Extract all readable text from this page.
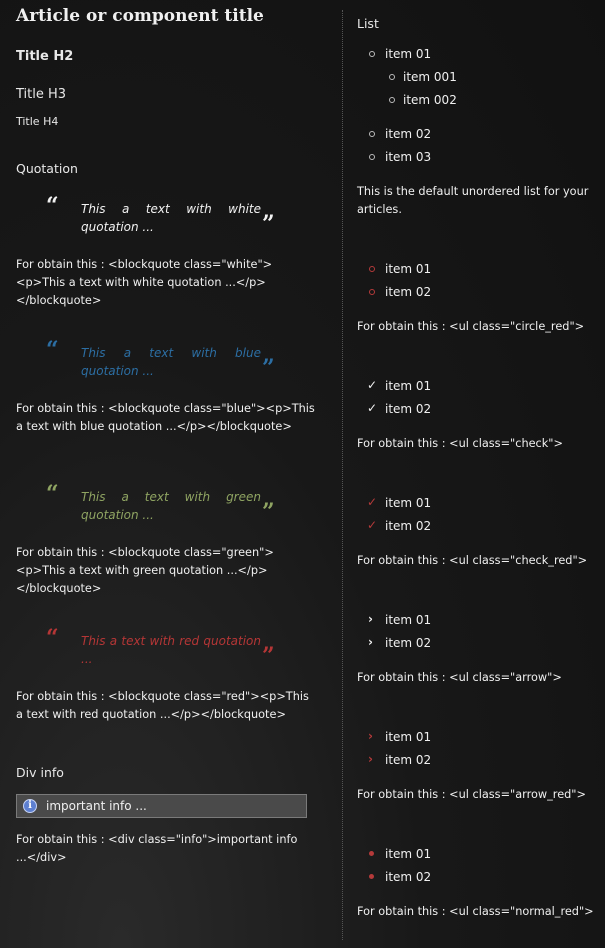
Article or component title
Title H2
Title H3
Title H4
Quotation
“ This a text with white quotation ...	”
For obtain this : <blockquote class="white"><p>This a text with white quotation ...</p></blockquote>
“ This a text with blue quotation ...	”
For obtain this : <blockquote class="blue"><p>This a text with blue quotation ...</p></blockquote>
“ This a text with green quotation ...	”
For obtain this : <blockquote class="green"><p>This a text with green quotation ...</p></blockquote>
“ This a text with red quotation ...	”
For obtain this : <blockquote class="red"><p>This a text with red quotation ...</p></blockquote>
Div info
i	important info ...
For obtain this : <div class="info">important info ...</div>
List
item 01
item 001
item 002
item 02
item 03
This is the default unordered list for your articles.
item 01
item 02
For obtain this : <ul class="circle_red">
✓ item 01
✓ item 02
For obtain this : <ul class="check">
✓ item 01
✓ item 02
For obtain this : <ul class="check_red">
› item 01
› item 02
For obtain this : <ul class="arrow">
› item 01
› item 02
For obtain this : <ul class="arrow_red">
item 01
item 02
For obtain this : <ul class="normal_red">
